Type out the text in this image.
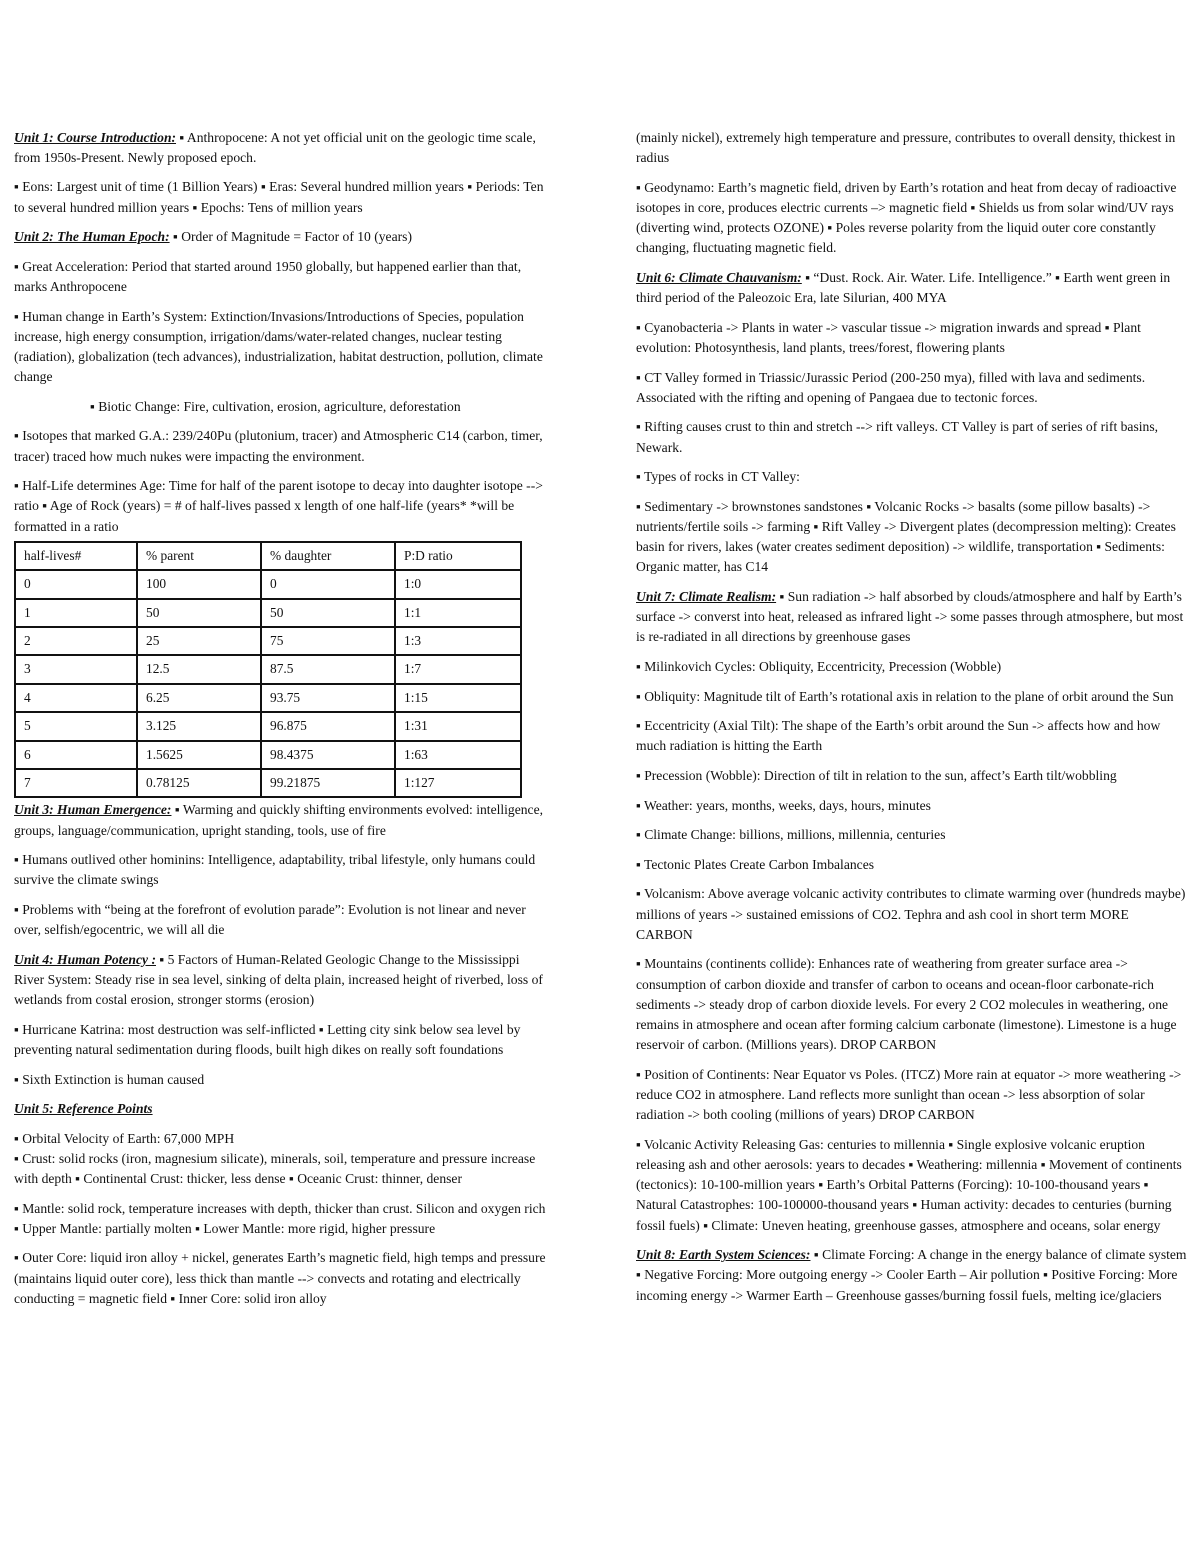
Unit 1: Course Introduction: ▪ Anthropocene: A not yet official unit on the geologic time scale, from 1950s-Present. Newly proposed epoch.

▪ Eons: Largest unit of time (1 Billion Years) ▪ Eras: Several hundred million years ▪ Periods: Ten to several hundred million years ▪ Epochs: Tens of million years

Unit 2: The Human Epoch: ▪ Order of Magnitude = Factor of 10 (years)

▪ Great Acceleration: Period that started around 1950 globally, but happened earlier than that, marks Anthropocene

▪ Human change in Earth’s System: Extinction/Invasions/Introductions of Species, population increase, high energy consumption, irrigation/dams/water-related changes, nuclear testing (radiation), globalization (tech advances), industrialization, habitat destruction, pollution, climate change

▪ Biotic Change: Fire, cultivation, erosion, agriculture, deforestation

▪ Isotopes that marked G.A.: 239/240Pu (plutonium, tracer) and Atmospheric C14 (carbon, timer, tracer) traced how much nukes were impacting the environment.

▪ Half-Life determines Age: Time for half of the parent isotope to decay into daughter isotope --> ratio ▪ Age of Rock (years) = # of half-lives passed x length of one half-life (years* *will be formatted in a ratio

half-lives#	% parent	% daughter	P:D ratio
0	100	0	1:0
1	50	50	1:1
2	25	75	1:3
3	12.5	87.5	1:7
4	6.25	93.75	1:15
5	3.125	96.875	1:31
6	1.5625	98.4375	1:63
7	0.78125	99.21875	1:127

Unit 3: Human Emergence: ▪ Warming and quickly shifting environments evolved: intelligence, groups, language/communication, upright standing, tools, use of fire

▪ Humans outlived other hominins: Intelligence, adaptability, tribal lifestyle, only humans could survive the climate swings

▪ Problems with “being at the forefront of evolution parade”: Evolution is not linear and never over, selfish/egocentric, we will all die

Unit 4: Human Potency : ▪ 5 Factors of Human-Related Geologic Change to the Mississippi River System: Steady rise in sea level, sinking of delta plain, increased height of riverbed, loss of wetlands from costal erosion, stronger storms (erosion)

▪ Hurricane Katrina: most destruction was self-inflicted ▪ Letting city sink below sea level by preventing natural sedimentation during floods, built high dikes on really soft foundations

▪ Sixth Extinction is human caused

Unit 5: Reference Points

▪ Orbital Velocity of Earth: 67,000 MPH

▪ Crust: solid rocks (iron, magnesium silicate), minerals, soil, temperature and pressure increase with depth ▪ Continental Crust: thicker, less dense ▪ Oceanic Crust: thinner, denser

▪ Mantle: solid rock, temperature increases with depth, thicker than crust. Silicon and oxygen rich ▪ Upper Mantle: partially molten ▪ Lower Mantle: more rigid, higher pressure

▪ Outer Core: liquid iron alloy + nickel, generates Earth’s magnetic field, high temps and pressure (maintains liquid outer core), less thick than mantle --> convects and rotating and electrically conducting = magnetic field ▪ Inner Core: solid iron alloy

(mainly nickel), extremely high temperature and pressure, contributes to overall density, thickest in radius

▪ Geodynamo: Earth’s magnetic field, driven by Earth’s rotation and heat from decay of radioactive isotopes in core, produces electric currents –> magnetic field ▪ Shields us from solar wind/UV rays (diverting wind, protects OZONE) ▪ Poles reverse polarity from the liquid outer core constantly changing, fluctuating magnetic field.

Unit 6: Climate Chauvanism: ▪ “Dust. Rock. Air. Water. Life. Intelligence.” ▪ Earth went green in third period of the Paleozoic Era, late Silurian, 400 MYA

▪ Cyanobacteria -> Plants in water -> vascular tissue -> migration inwards and spread ▪ Plant evolution: Photosynthesis, land plants, trees/forest, flowering plants

▪ CT Valley formed in Triassic/Jurassic Period (200-250 mya), filled with lava and sediments. Associated with the rifting and opening of Pangaea due to tectonic forces.

▪ Rifting causes crust to thin and stretch --> rift valleys. CT Valley is part of series of rift basins, Newark.

▪ Types of rocks in CT Valley:

▪ Sedimentary -> brownstones sandstones ▪ Volcanic Rocks -> basalts (some pillow basalts) -> nutrients/fertile soils -> farming ▪ Rift Valley -> Divergent plates (decompression melting): Creates basin for rivers, lakes (water creates sediment deposition) -> wildlife, transportation ▪ Sediments: Organic matter, has C14

Unit 7: Climate Realism: ▪ Sun radiation -> half absorbed by clouds/atmosphere and half by Earth’s surface -> converst into heat, released as infrared light -> some passes through atmosphere, but most is re-radiated in all directions by greenhouse gases

▪ Milinkovich Cycles: Obliquity, Eccentricity, Precession (Wobble)

▪ Obliquity: Magnitude tilt of Earth’s rotational axis in relation to the plane of orbit around the Sun

▪ Eccentricity (Axial Tilt): The shape of the Earth’s orbit around the Sun -> affects how and how much radiation is hitting the Earth

▪ Precession (Wobble): Direction of tilt in relation to the sun, affect’s Earth tilt/wobbling

▪ Weather: years, months, weeks, days, hours, minutes

▪ Climate Change: billions, millions, millennia, centuries

▪ Tectonic Plates Create Carbon Imbalances

▪ Volcanism: Above average volcanic activity contributes to climate warming over (hundreds maybe) millions of years -> sustained emissions of CO2. Tephra and ash cool in short term MORE CARBON

▪ Mountains (continents collide): Enhances rate of weathering from greater surface area -> consumption of carbon dioxide and transfer of carbon to oceans and ocean-floor carbonate-rich sediments -> steady drop of carbon dioxide levels. For every 2 CO2 molecules in weathering, one remains in atmosphere and ocean after forming calcium carbonate (limestone). Limestone is a huge reservoir of carbon. (Millions years). DROP CARBON

▪ Position of Continents: Near Equator vs Poles. (ITCZ) More rain at equator -> more weathering -> reduce CO2 in atmosphere. Land reflects more sunlight than ocean -> less absorption of solar radiation -> both cooling (millions of years) DROP CARBON

▪ Volcanic Activity Releasing Gas: centuries to millennia ▪ Single explosive volcanic eruption releasing ash and other aerosols: years to decades ▪ Weathering: millennia ▪ Movement of continents (tectonics): 10-100-million years ▪ Earth’s Orbital Patterns (Forcing): 10-100-thousand years ▪ Natural Catastrophes: 100-100000-thousand years ▪ Human activity: decades to centuries (burning fossil fuels) ▪ Climate: Uneven heating, greenhouse gasses, atmosphere and oceans, solar energy

Unit 8: Earth System Sciences: ▪ Climate Forcing: A change in the energy balance of climate system ▪ Negative Forcing: More outgoing energy -> Cooler Earth – Air pollution ▪ Positive Forcing: More incoming energy -> Warmer Earth – Greenhouse gasses/burning fossil fuels, melting ice/glaciers
